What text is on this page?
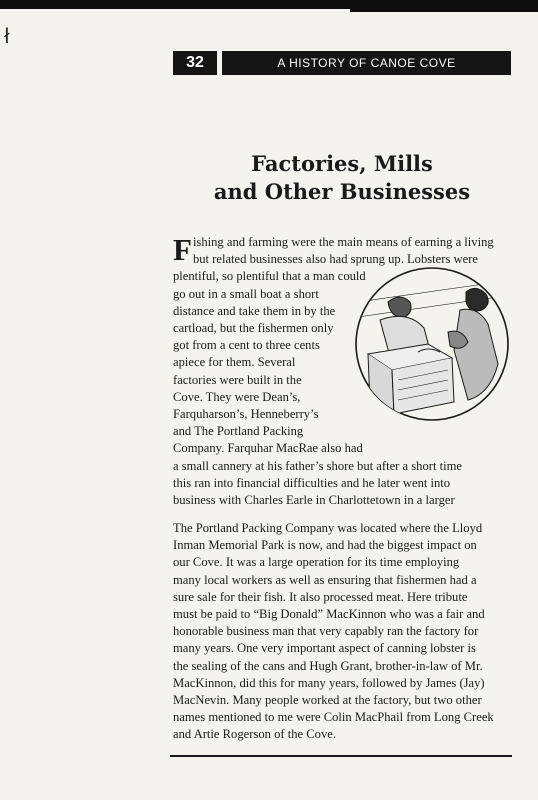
ł
32	A HISTORY OF CANOE COVE
Factories, Mills
and Other Businesses
Fishing and farming were the main means of earning a living
but related businesses also had sprung up. Lobsters were
plentiful, so plentiful that a man could
go out in a small boat a short
distance and take them in by the
cartload, but the fishermen only
got from a cent to three cents
apiece for them. Several
factories were built in the
Cove. They were Dean’s,
Farquharson’s, Henneberry’s
and The Portland Packing
Company. Farquhar MacRae also had
a small cannery at his father’s shore but after a short time
this ran into financial difficulties and he later went into
business with Charles Earle in Charlottetown in a larger
The Portland Packing Company was located where the Lloyd
Inman Memorial Park is now, and had the biggest impact on
our Cove. It was a large operation for its time employing
many local workers as well as ensuring that fishermen had a
sure sale for their fish. It also processed meat. Here tribute
must be paid to “Big Donald” MacKinnon who was a fair and
honorable business man that very capably ran the factory for
many years. One very important aspect of canning lobster is
the sealing of the cans and Hugh Grant, brother-in-law of Mr.
MacKinnon, did this for many years, followed by James (Jay)
MacNevin. Many people worked at the factory, but two other
names mentioned to me were Colin MacPhail from Long Creek
and Artie Rogerson of the Cove.
